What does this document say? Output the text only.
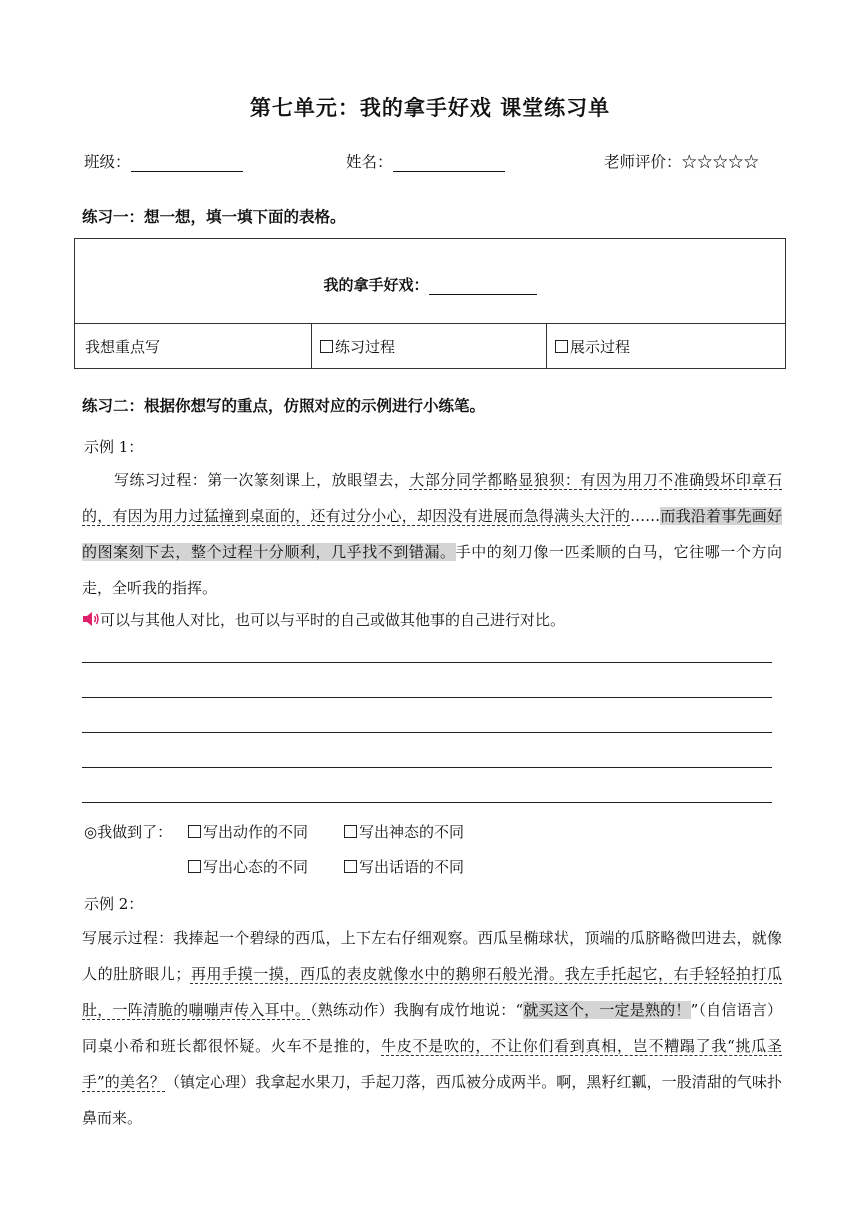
第七单元：我的拿手好戏 课堂练习单
班级：	姓名：	老师评价：☆☆☆☆☆
练习一：想一想，填一填下面的表格。
我的拿手好戏：
我想重点写	练习过程	展示过程
练习二：根据你想写的重点，仿照对应的示例进行小练笔。
示例 1：
写练习过程：第一次篆刻课上，放眼望去，大部分同学都略显狼狈：有因为用刀不准确毁坏印章石的，有因为用力过猛撞到桌面的，还有过分小心，却因没有进展而急得满头大汗的……而我沿着事先画好的图案刻下去，整个过程十分顺利，几乎找不到错漏。手中的刻刀像一匹柔顺的白马，它往哪一个方向走，全听我的指挥。
可以与其他人对比，也可以与平时的自己或做其他事的自己进行对比。
◎我做到了：	写出动作的不同	写出神态的不同
写出心态的不同	写出话语的不同
示例 2：
写展示过程：我捧起一个碧绿的西瓜，上下左右仔细观察。西瓜呈椭球状，顶端的瓜脐略微凹进去，就像人的肚脐眼儿；再用手摸一摸，西瓜的表皮就像水中的鹅卵石般光滑。我左手托起它，右手轻轻拍打瓜肚，一阵清脆的嘣嘣声传入耳中。（熟练动作）我胸有成竹地说：“就买这个，一定是熟的！”（自信语言）同桌小希和班长都很怀疑。火车不是推的，牛皮不是吹的，不让你们看到真相，岂不糟蹋了我“挑瓜圣手”的美名？（镇定心理）我拿起水果刀，手起刀落，西瓜被分成两半。啊，黑籽红瓤，一股清甜的气味扑鼻而来。
